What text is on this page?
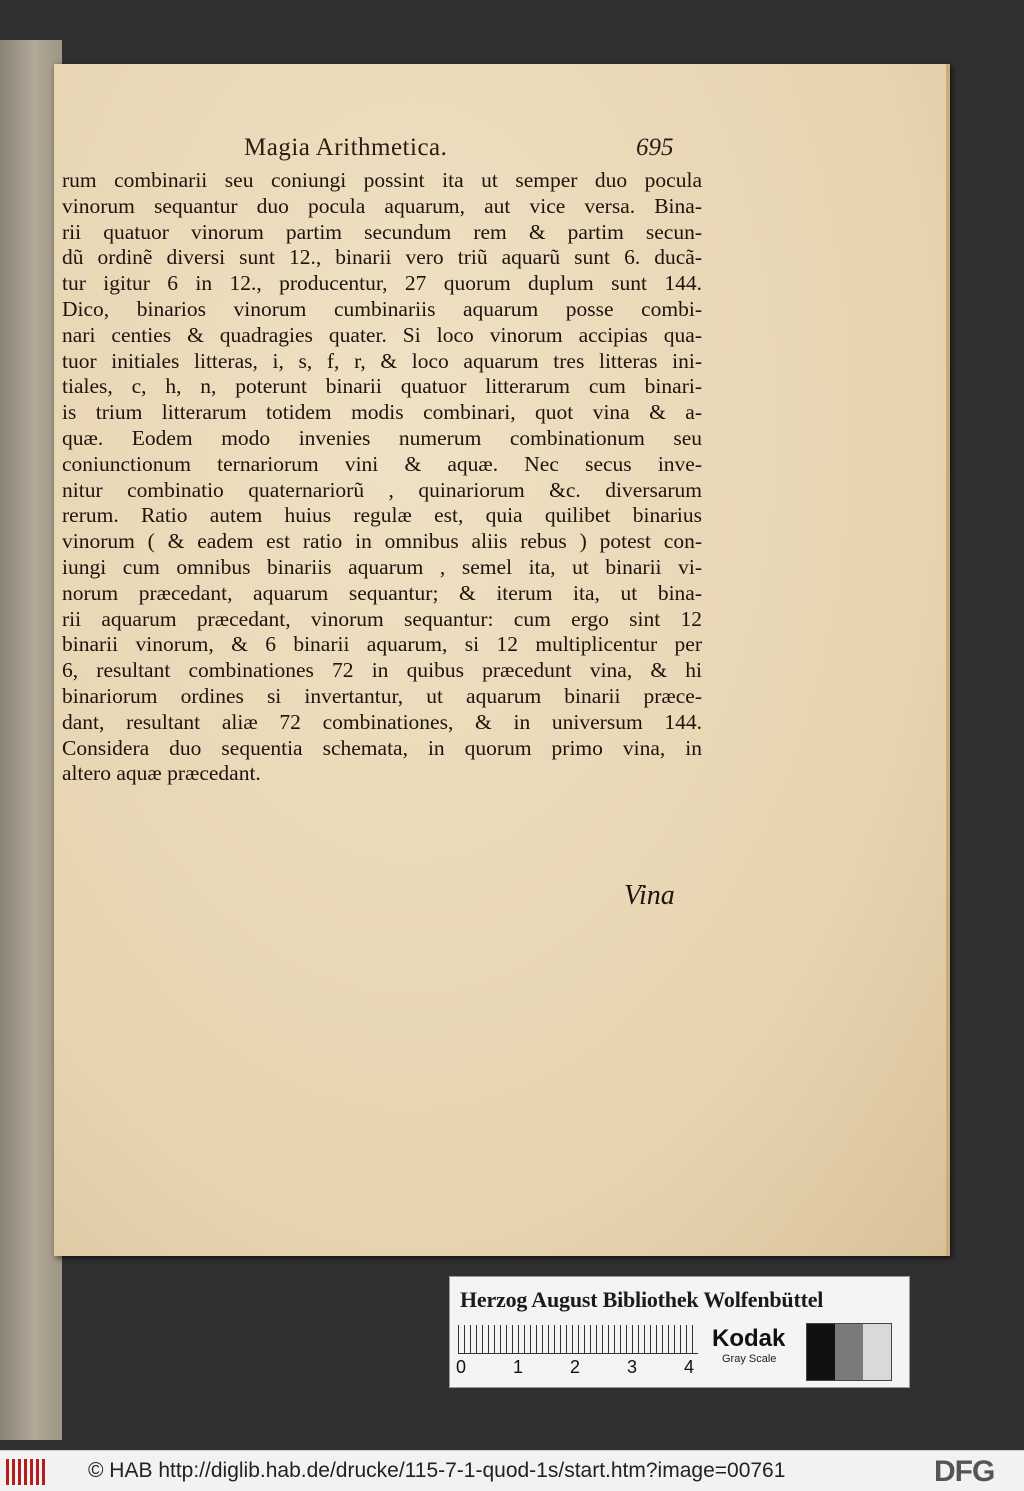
Magia Arithmetica.	695
rum combinarii seu coniungi possint ita ut semper duo pocula
vinorum sequantur duo pocula aquarum, aut vice versa. Bina-
rii quatuor vinorum partim secundum rem & partim secun-
dũ ordinẽ diversi sunt 12., binarii vero triũ aquarũ sunt 6. ducã-
tur igitur 6 in 12., producentur, 27 quorum duplum sunt 144.
Dico, binarios vinorum cumbinariis aquarum posse combi-
nari centies & quadragies quater. Si loco vinorum accipias qua-
tuor initiales litteras, i, s, f, r, & loco aquarum tres litteras ini-
tiales, c, h, n, poterunt binarii quatuor litterarum cum binari-
is trium litterarum totidem modis combinari, quot vina & a-
quæ. Eodem modo invenies numerum combinationum seu
coniunctionum ternariorum vini & aquæ. Nec secus inve-
nitur combinatio quaternariorũ , quinariorum &c. diversarum
rerum. Ratio autem huius regulæ est, quia quilibet binarius
vinorum ( & eadem est ratio in omnibus aliis rebus ) potest con-
iungi cum omnibus binariis aquarum , semel ita, ut binarii vi-
norum præcedant, aquarum sequantur; & iterum ita, ut bina-
rii aquarum præcedant, vinorum sequantur: cum ergo sint 12
binarii vinorum, & 6 binarii aquarum, si 12 multiplicentur per
6, resultant combinationes 72 in quibus præcedunt vina, & hi
binariorum ordines si invertantur, ut aquarum binarii præce-
dant, resultant aliæ 72 combinationes, & in universum 144.
Considera duo sequentia schemata, in quorum primo vina, in
altero aquæ præcedant.
Vina
Herzog August Bibliothek Wolfenbüttel
0	1	2	3	4
Kodak
Gray Scale
© HAB http://diglib.hab.de/drucke/115-7-1-quod-1s/start.htm?image=00761	DFG
